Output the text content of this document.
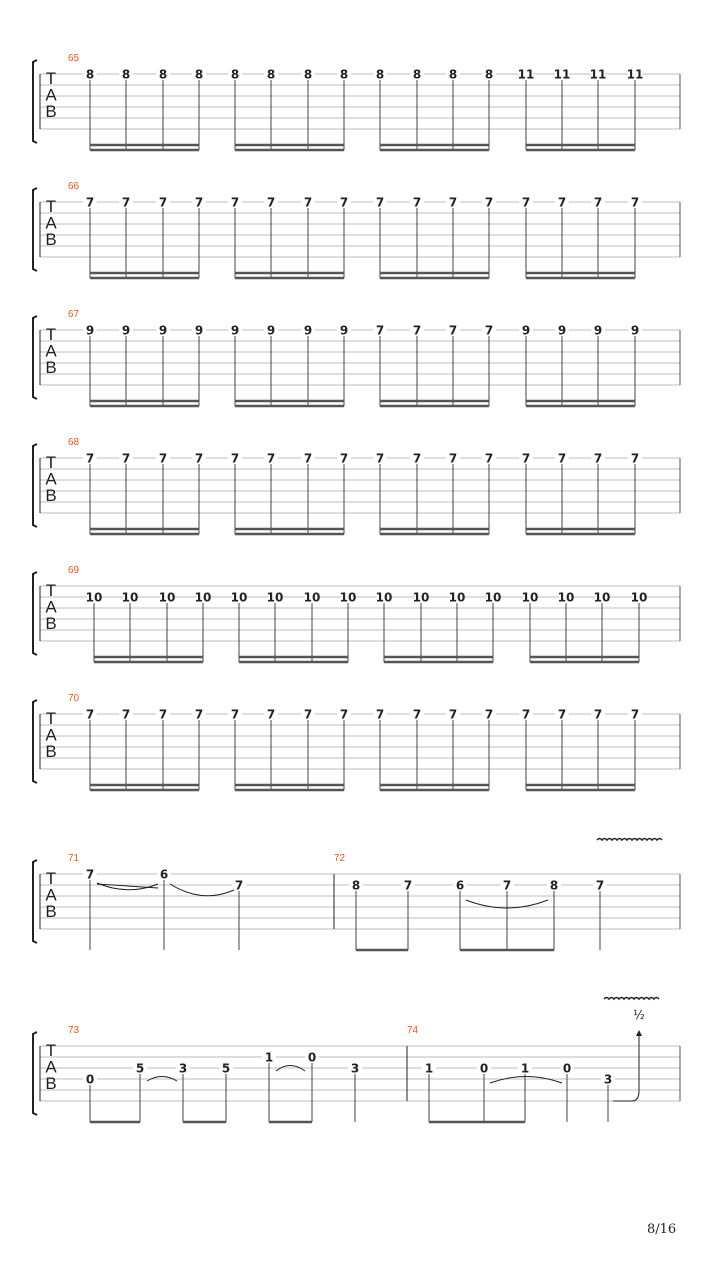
T
A
B
65
8 8 8 8 8 8 8 8 8 8 8 8 11 11 11 11
T
A
B
66
7 7 7 7 7 7 7 7 7 7 7 7 7 7 7 7
T
A
B
67
9 9 9 9 9 9 9 9 7 7 7 7 9 9 9 9
T
A
B
68
7 7 7 7 7 7 7 7 7 7 7 7 7 7 7 7
T
A
B
69
10 10 10 10 10 10 10 10 10 10 10 10 10 10 10 10
T
A
B
70
7 7 7 7 7 7 7 7 7 7 7 7 7 7 7 7
T
A
B
71
7	6
7
72
8	7	6	7	8	7
T
A
B
73
0
5	3	5
1	0
3
74
1	0	1	0
3
½
8/16
